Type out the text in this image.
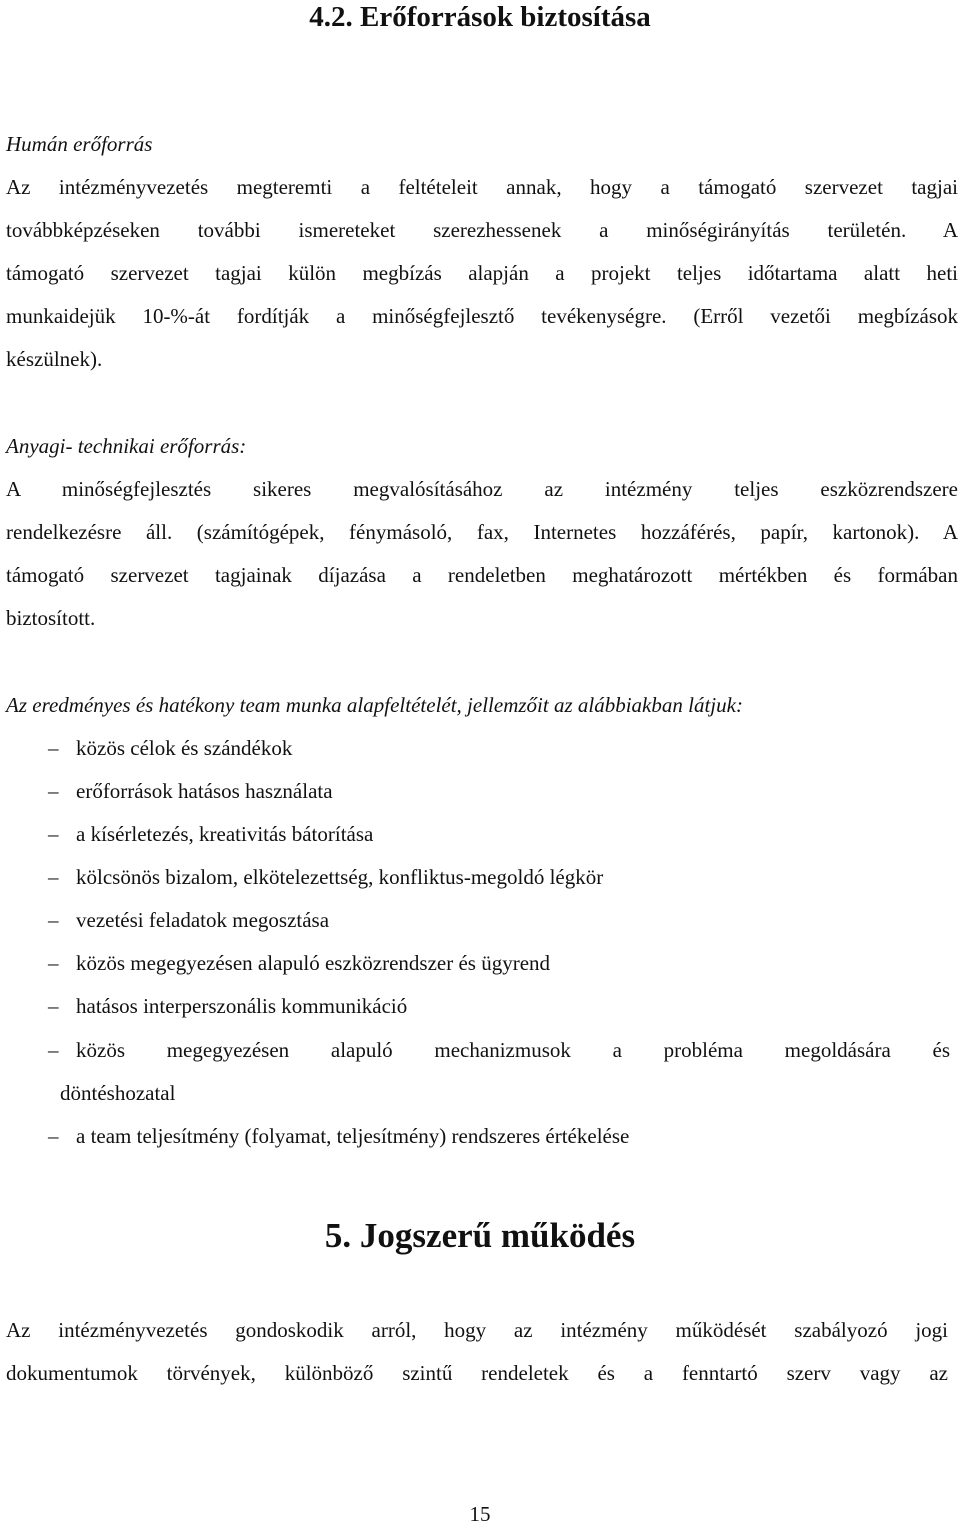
4.2. Erőforrások biztosítása
Humán erőforrás
Az intézményvezetés megteremti a feltételeit annak, hogy a támogató szervezet tagjai
továbbképzéseken további ismereteket szerezhessenek a minőségirányítás területén. A
támogató szervezet tagjai külön megbízás alapján a projekt teljes időtartama alatt heti
munkaidejük 10-%-át fordítják a minőségfejlesztő tevékenységre. (Erről vezetői megbízások
készülnek).
Anyagi- technikai erőforrás:
A minőségfejlesztés sikeres megvalósításához az intézmény teljes eszközrendszere
rendelkezésre áll. (számítógépek, fénymásoló, fax, Internetes hozzáférés, papír, kartonok). A
támogató szervezet tagjainak díjazása a rendeletben meghatározott mértékben és formában
biztosított.
Az eredményes és hatékony team munka alapfeltételét, jellemzőit az alábbiakban látjuk:
– közös célok és szándékok
– erőforrások hatásos használata
– a kísérletezés, kreativitás bátorítása
– kölcsönös bizalom, elkötelezettség, konfliktus-megoldó légkör
– vezetési feladatok megosztása
– közös megegyezésen alapuló eszközrendszer és ügyrend
– hatásos interperszonális kommunikáció
– közös megegyezésen alapuló mechanizmusok a probléma megoldására és
döntéshozatal
– a team teljesítmény (folyamat, teljesítmény) rendszeres értékelése
5. Jogszerű működés
Az intézményvezetés gondoskodik arról, hogy az intézmény működését szabályozó jogi
dokumentumok törvények, különböző szintű rendeletek és a fenntartó szerv vagy az
15
